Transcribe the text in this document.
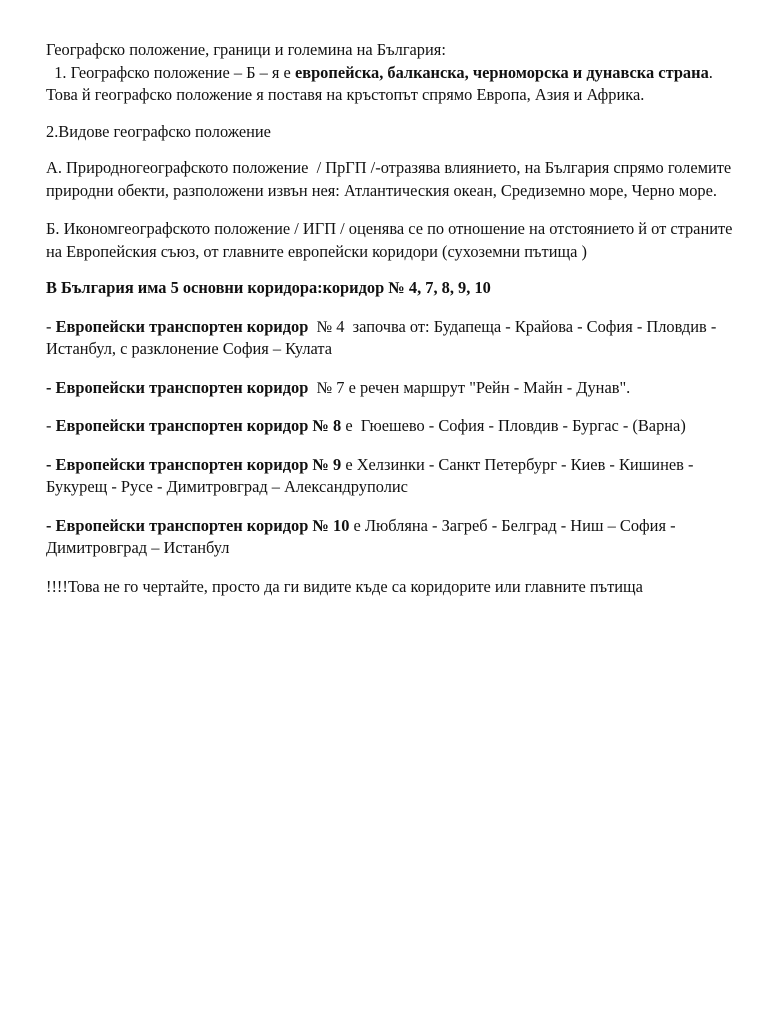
Географско положение, граници и големина на България:

1. Географско положение – Б – я е европейска, балканска, черноморска и дунавска страна. Това й географско положение я поставя на кръстопът спрямо Европа, Азия и Африка.

2.Видове географско положение

А. Природногеографското положение  / ПрГП /-отразява влиянието, на България спрямо големите природни обекти, разположени извън нея: Атлантическия океан, Средиземно море, Черно море.

Б. Икономгеографското положение / ИГП / оценява се по отношение на отстоянието й от страните на Европейския съюз, от главните европейски коридори (сухоземни пътища )

В България има 5 основни коридора:коридор № 4, 7, 8, 9, 10

- Европейски транспортен коридор  № 4  започва от: Будапеща - Крайова - София - Пловдив - Истанбул, с разклонение София – Кулата

- Европейски транспортен коридор  № 7 е речен маршрут "Рейн - Майн - Дунав".

- Европейски транспортен коридор № 8 е  Гюешево - София - Пловдив - Бургас - (Варна)

- Европейски транспортен коридор № 9 е Хелзинки - Санкт Петербург - Киев - Кишинев - Букурещ - Русе - Димитровград – Александруполис

- Европейски транспортен коридор № 10 е Любляна - Загреб - Белград - Ниш – София - Димитровград – Истанбул

!!!!Това не го чертайте, просто да ги видите къде са коридорите или главните пътища
